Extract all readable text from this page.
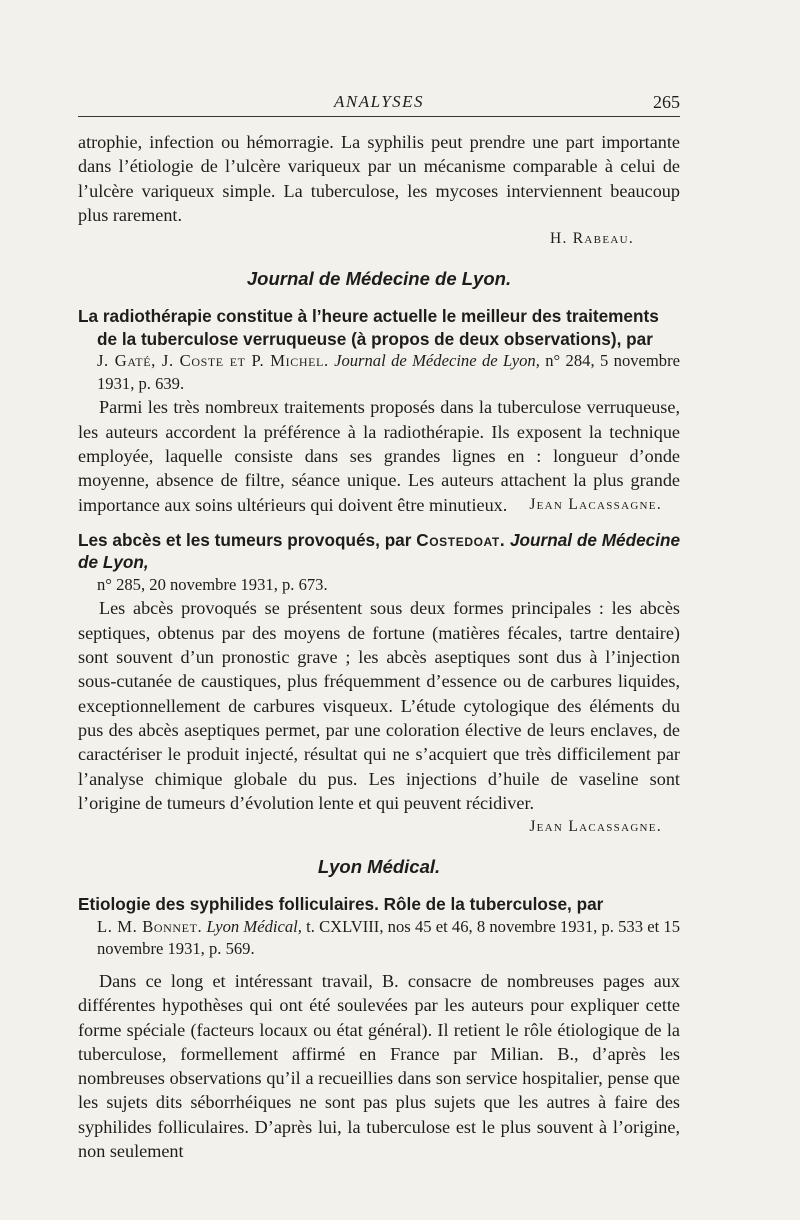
ANALYSES	265

atrophie, infection ou hémorragie. La syphilis peut prendre une part importante dans l’étiologie de l’ulcère variqueux par un mécanisme comparable à celui de l’ulcère variqueux simple. La tuberculose, les mycoses interviennent beaucoup plus rarement.

H. Rabeau.
Journal de Médecine de Lyon.
La radiothérapie constitue à l’heure actuelle le meilleur des traitements
de la tuberculose verruqueuse (à propos de deux observations), par
J. Gaté, J. Coste et P. Michel. Journal de Médecine de Lyon, n° 284, 5 novembre 1931, p. 639.

Parmi les très nombreux traitements proposés dans la tuberculose verruqueuse, les auteurs accordent la préférence à la radiothérapie. Ils exposent la technique employée, laquelle consiste dans ses grandes lignes en : longueur d’onde moyenne, absence de filtre, séance unique. Les auteurs attachent la plus grande importance aux soins ultérieurs qui doivent être minutieux.	Jean Lacassagne.

Les abcès et les tumeurs provoqués, par Costedoat. Journal de Médecine de Lyon,
n° 285, 20 novembre 1931, p. 673.

Les abcès provoqués se présentent sous deux formes principales : les abcès septiques, obtenus par des moyens de fortune (matières fécales, tartre dentaire) sont souvent d’un pronostic grave ; les abcès aseptiques sont dus à l’injection sous-cutanée de caustiques, plus fréquemment d’essence ou de carbures liquides, exceptionnellement de carbures visqueux. L’étude cytologique des éléments du pus des abcès aseptiques permet, par une coloration élective de leurs enclaves, de caractériser le produit injecté, résultat qui ne s’acquiert que très difficilement par l’analyse chimique globale du pus. Les injections d’huile de vaseline sont l’origine de tumeurs d’évolution lente et qui peuvent récidiver.

Jean Lacassagne.
Lyon Médical.
Etiologie des syphilides folliculaires. Rôle de la tuberculose, par
L. M. Bonnet. Lyon Médical, t. CXLVIII, nos 45 et 46, 8 novembre 1931, p. 533 et 15 novembre 1931, p. 569.

Dans ce long et intéressant travail, B. consacre de nombreuses pages aux différentes hypothèses qui ont été soulevées par les auteurs pour expliquer cette forme spéciale (facteurs locaux ou état général). Il retient le rôle étiologique de la tuberculose, formellement affirmé en France par Milian. B., d’après les nombreuses observations qu’il a recueillies dans son service hospitalier, pense que les sujets dits séborrhéiques ne sont pas plus sujets que les autres à faire des syphilides folliculaires. D’après lui, la tuberculose est le plus souvent à l’origine, non seulement
